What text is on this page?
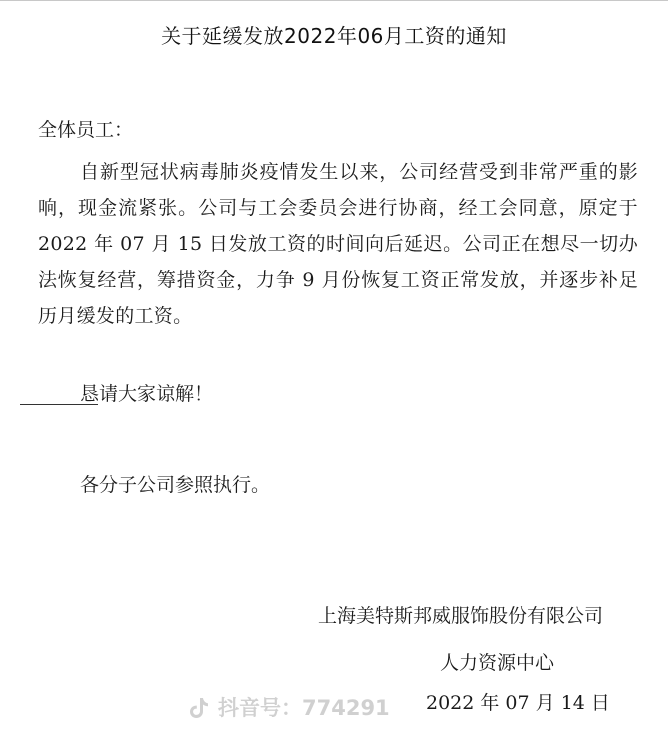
关于延缓发放2022年06月工资的通知
全体员工：
自新型冠状病毒肺炎疫情发生以来，公司经营受到非常严重的影响，现金流紧张。公司与工会委员会进行协商，经工会同意，原定于 2022 年 07 月 15 日发放工资的时间向后延迟。公司正在想尽一切办法恢复经营，筹措资金，力争 9 月份恢复工资正常发放，并逐步补足历月缓发的工资。
恳请大家谅解！
各分子公司参照执行。
上海美特斯邦威服饰股份有限公司
人力资源中心
2022 年 07 月 14 日
抖音号：774291
